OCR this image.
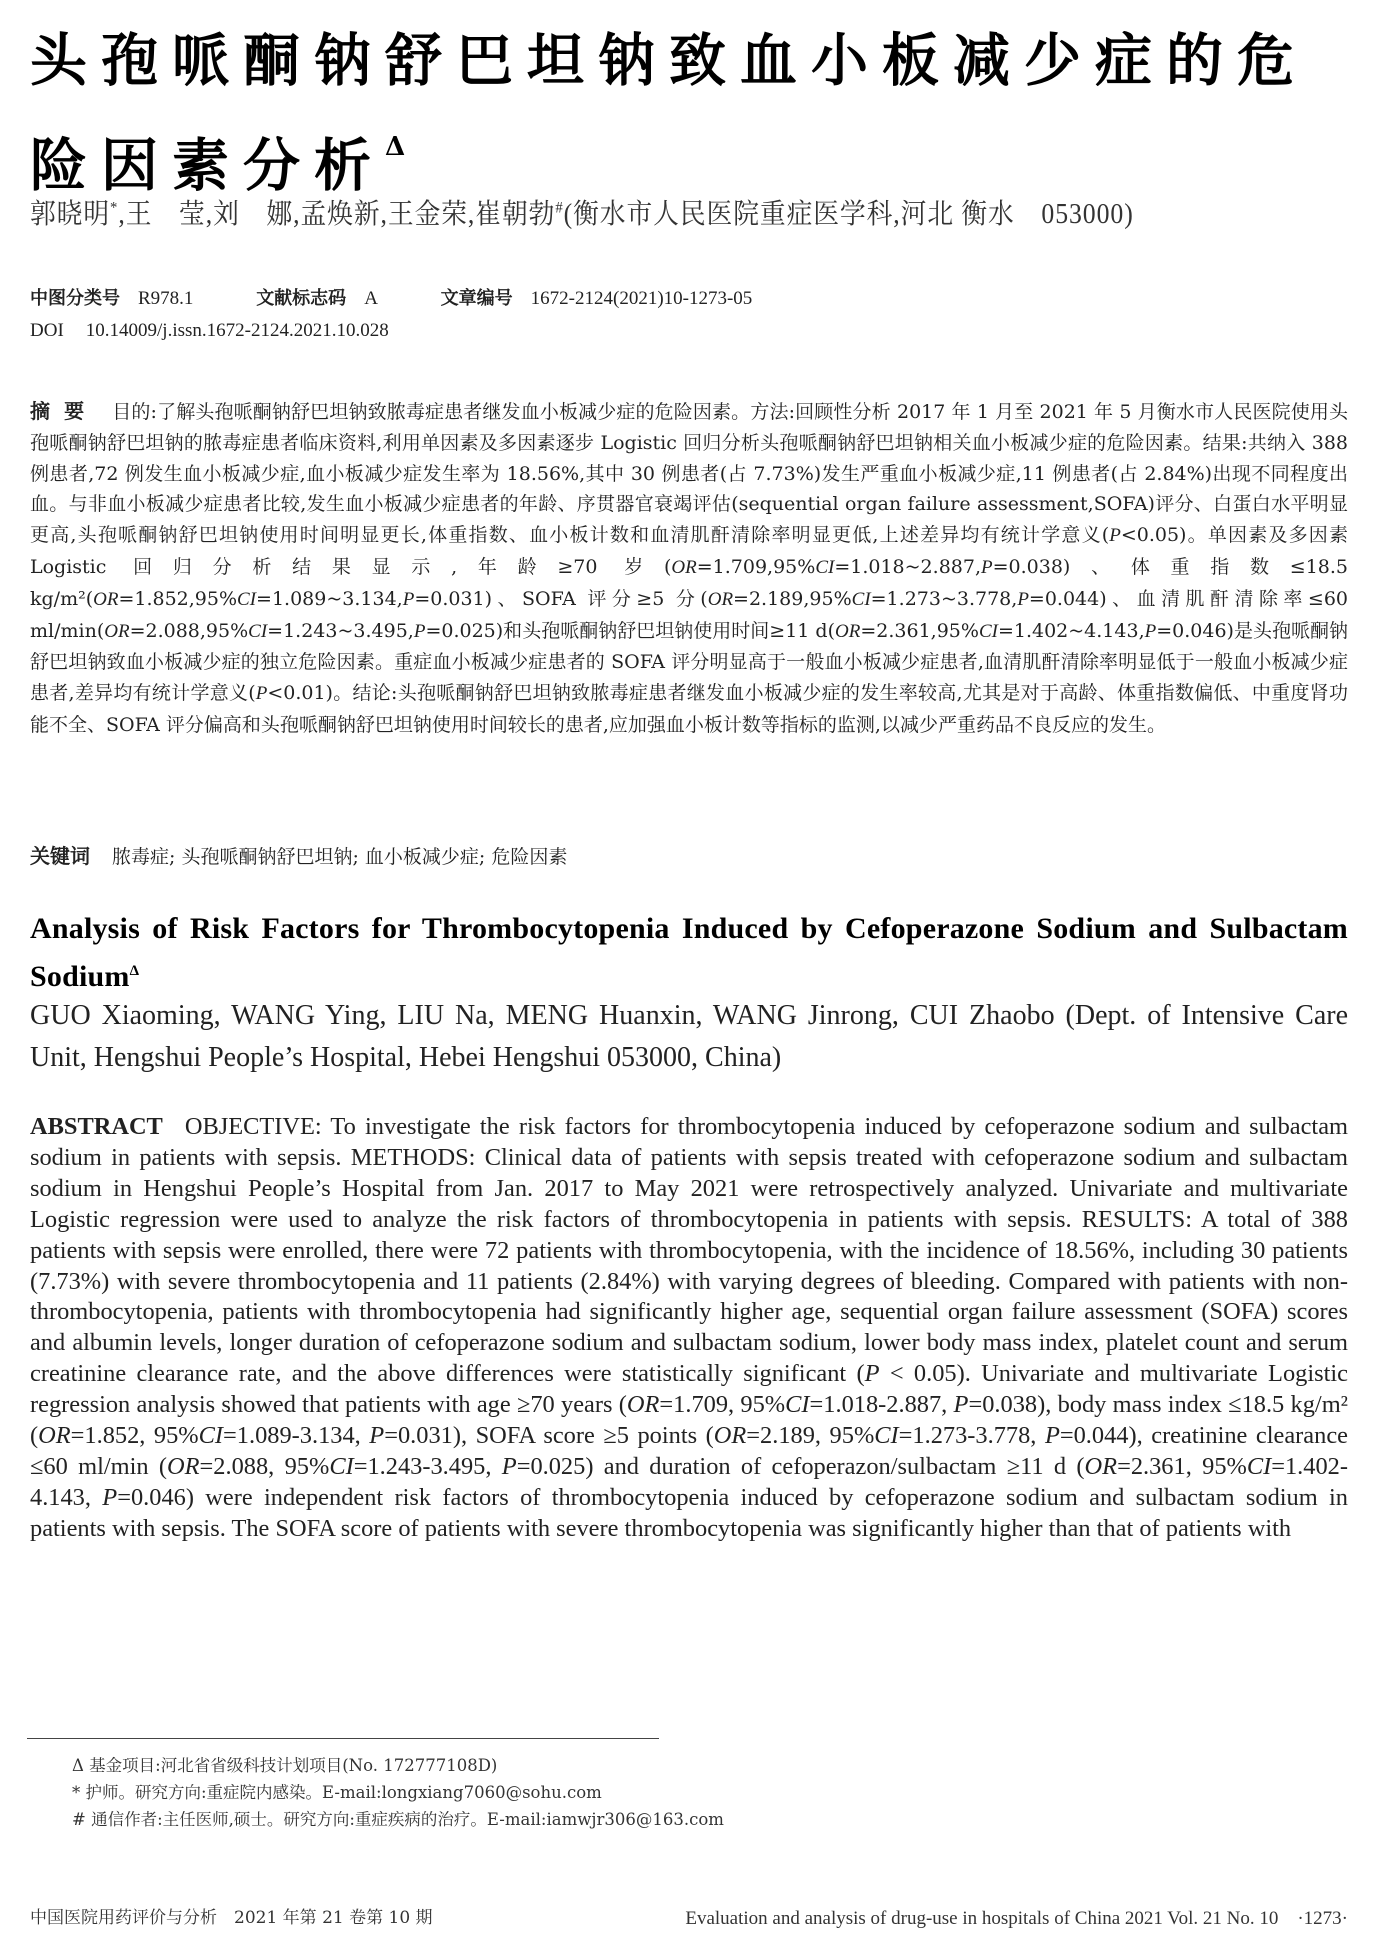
头孢哌酮钠舒巴坦钠致血小板减少症的危险因素分析$^\Delta$
郭晓明*,王　莹,刘　娜,孟焕新,王金荣,崔朝勃#(衡水市人民医院重症医学科,河北 衡水　053000)
中图分类号 R978.1	文献标志码 A	文章编号 1672-2124(2021)10-1273-05
DOI 10.14009/j.issn.1672-2124.2021.10.028
摘要 目的:了解头孢哌酮钠舒巴坦钠致脓毒症患者继发血小板减少症的危险因素。方法:回顾性分析 2017 年 1 月至 2021 年 5 月衡水市人民医院使用头孢哌酮钠舒巴坦钠的脓毒症患者临床资料,利用单因素及多因素逐步 Logistic 回归分析头孢哌酮钠舒巴坦钠相关血小板减少症的危险因素。结果:共纳入 388 例患者,72 例发生血小板减少症,血小板减少症发生率为 18.56%,其中 30 例患者(占 7.73%)发生严重血小板减少症,11 例患者(占 2.84%)出现不同程度出血。与非血小板减少症患者比较,发生血小板减少症患者的年龄、序贯器官衰竭评估(sequential organ failure assessment,SOFA)评分、白蛋白水平明显更高,头孢哌酮钠舒巴坦钠使用时间明显更长,体重指数、血小板计数和血清肌酐清除率明显更低,上述差异均有统计学意义(P<0.05)。单因素及多因素 Logistic 回归分析结果显示,年龄≥70 岁(OR=1.709,95%CI=1.018~2.887,P=0.038)、体重指数≤18.5 kg/m²(OR=1.852,95%CI=1.089~3.134,P=0.031)、SOFA 评分≥5 分(OR=2.189,95%CI=1.273~3.778,P=0.044)、血清肌酐清除率≤60 ml/min(OR=2.088,95%CI=1.243~3.495,P=0.025)和头孢哌酮钠舒巴坦钠使用时间≥11 d(OR=2.361,95%CI=1.402~4.143,P=0.046)是头孢哌酮钠舒巴坦钠致血小板减少症的独立危险因素。重症血小板减少症患者的 SOFA 评分明显高于一般血小板减少症患者,血清肌酐清除率明显低于一般血小板减少症患者,差异均有统计学意义(P<0.01)。结论:头孢哌酮钠舒巴坦钠致脓毒症患者继发血小板减少症的发生率较高,尤其是对于高龄、体重指数偏低、中重度肾功能不全、SOFA 评分偏高和头孢哌酮钠舒巴坦钠使用时间较长的患者,应加强血小板计数等指标的监测,以减少严重药品不良反应的发生。
关键词 脓毒症; 头孢哌酮钠舒巴坦钠; 血小板减少症; 危险因素
Analysis of Risk Factors for Thrombocytopenia Induced by Cefoperazone Sodium and Sulbactam Sodium$^\Delta$
GUO Xiaoming, WANG Ying, LIU Na, MENG Huanxin, WANG Jinrong, CUI Zhaobo (Dept. of Intensive Care Unit, Hengshui People’s Hospital, Hebei Hengshui 053000, China)
ABSTRACT OBJECTIVE: To investigate the risk factors for thrombocytopenia induced by cefoperazone sodium and sulbactam sodium in patients with sepsis. METHODS: Clinical data of patients with sepsis treated with cefoperazone sodium and sulbactam sodium in Hengshui People’s Hospital from Jan. 2017 to May 2021 were retrospectively analyzed. Univariate and multivariate Logistic regression were used to analyze the risk factors of thrombocytopenia in patients with sepsis. RESULTS: A total of 388 patients with sepsis were enrolled, there were 72 patients with thrombocytopenia, with the incidence of 18.56%, including 30 patients (7.73%) with severe thrombocytopenia and 11 patients (2.84%) with varying degrees of bleeding. Compared with patients with non-thrombocytopenia, patients with thrombocytopenia had significantly higher age, sequential organ failure assessment (SOFA) scores and albumin levels, longer duration of cefoperazone sodium and sulbactam sodium, lower body mass index, platelet count and serum creatinine clearance rate, and the above differences were statistically significant (P < 0.05). Univariate and multivariate Logistic regression analysis showed that patients with age ≥70 years (OR=1.709, 95%CI=1.018-2.887, P=0.038), body mass index ≤18.5 kg/m² (OR=1.852, 95%CI=1.089-3.134, P=0.031), SOFA score ≥5 points (OR=2.189, 95%CI=1.273-3.778, P=0.044), creatinine clearance ≤60 ml/min (OR=2.088, 95%CI=1.243-3.495, P=0.025) and duration of cefoperazon/sulbactam ≥11 d (OR=2.361, 95%CI=1.402-4.143, P=0.046) were independent risk factors of thrombocytopenia induced by cefoperazone sodium and sulbactam sodium in patients with sepsis. The SOFA score of patients with severe thrombocytopenia was significantly higher than that of patients with
Δ 基金项目:河北省省级科技计划项目(No. 172777108D)
* 护师。研究方向:重症院内感染。E-mail:longxiang7060@sohu.com
# 通信作者:主任医师,硕士。研究方向:重症疾病的治疗。E-mail:iamwjr306@163.com
中国医院用药评价与分析　2021 年第 21 卷第 10 期	Evaluation and analysis of drug-use in hospitals of China 2021 Vol. 21 No. 10　·1273·
